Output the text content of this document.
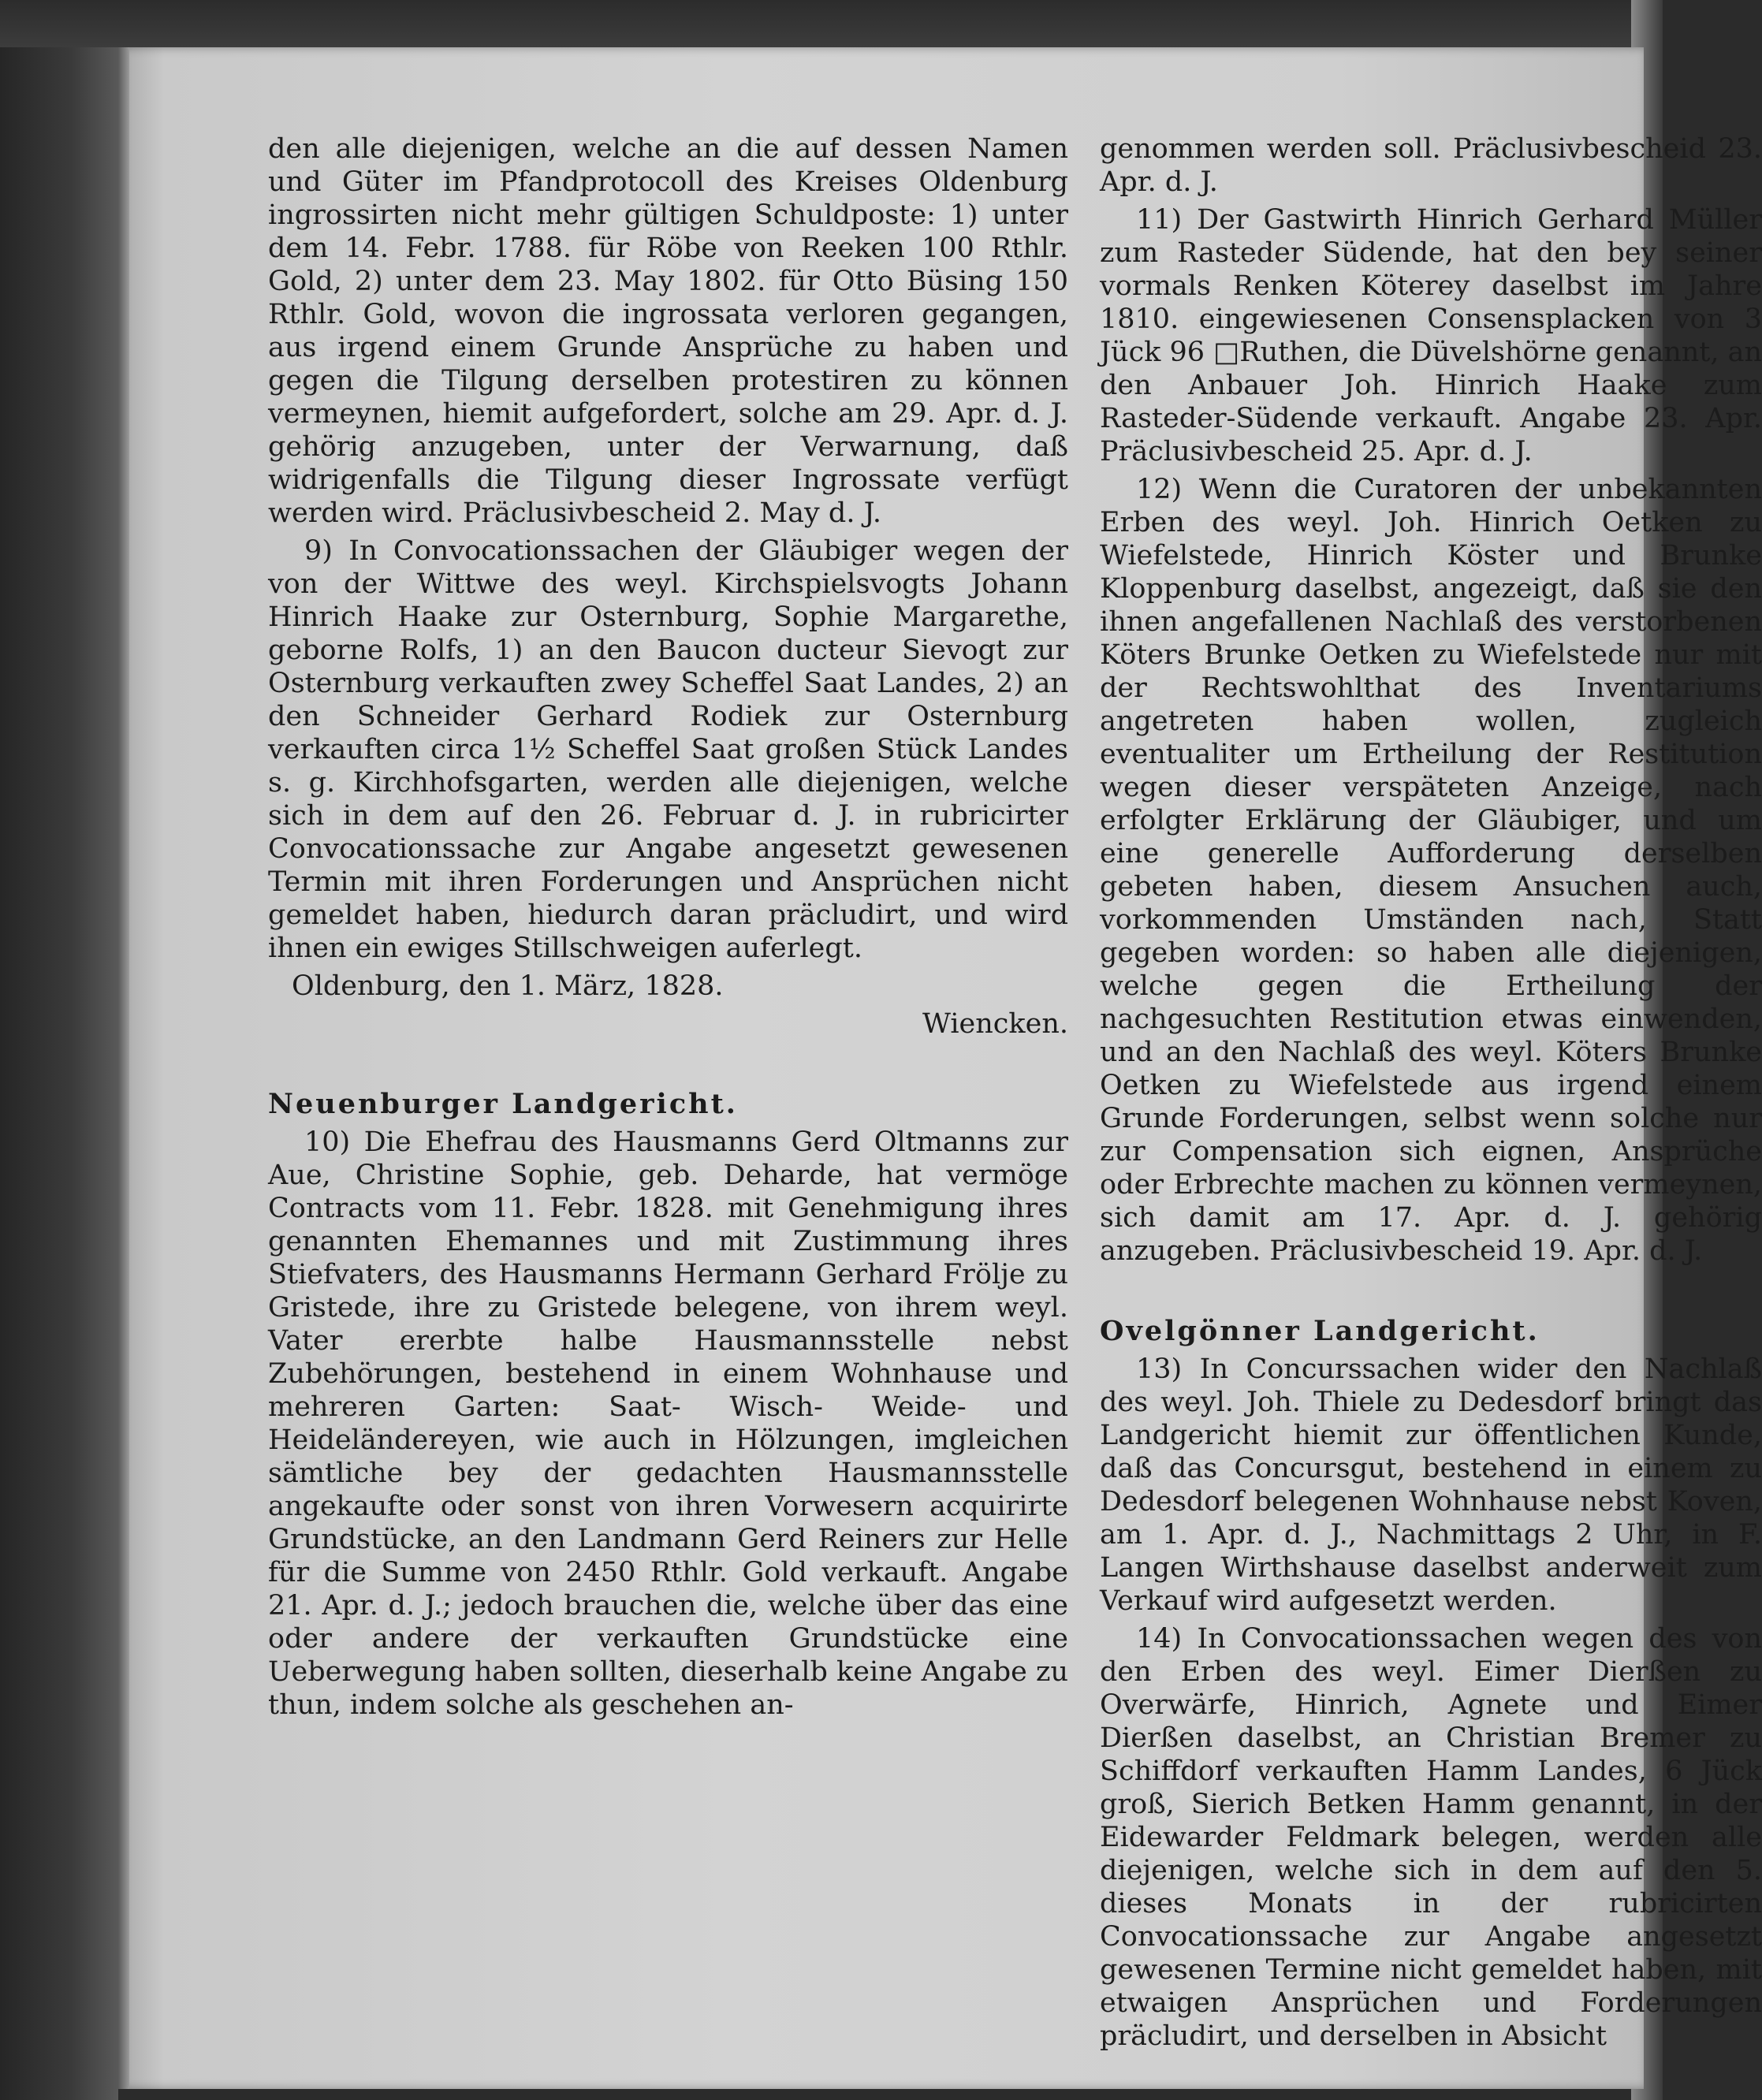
den alle diejenigen, welche an die auf dessen Namen und Güter im Pfandprotocoll des Kreises Oldenburg ingrossirten nicht mehr gültigen Schuldposte: 1) unter dem 14. Febr. 1788. für Röbe von Reeken 100 Rthlr. Gold, 2) unter dem 23. May 1802. für Otto Büsing 150 Rthlr. Gold, wovon die ingrossata verloren gegangen, aus irgend einem Grunde Ansprüche zu haben und gegen die Tilgung derselben protestiren zu können vermeynen, hiemit aufgefordert, solche am 29. Apr. d. J. gehörig anzugeben, unter der Verwarnung, daß widrigenfalls die Tilgung dieser Ingrossate verfügt werden wird. Präclusivbescheid 2. May d. J.

9) In Convocationssachen der Gläubiger wegen der von der Wittwe des weyl. Kirchspielsvogts Johann Hinrich Haake zur Osternburg, Sophie Margarethe, geborne Rolfs, 1) an den Baucon ducteur Sievogt zur Osternburg verkauften zwey Scheffel Saat Landes, 2) an den Schneider Gerhard Rodiek zur Osternburg verkauften circa 1½ Scheffel Saat großen Stück Landes s. g. Kirchhofsgarten, werden alle diejenigen, welche sich in dem auf den 26. Februar d. J. in rubricirter Convocationssache zur Angabe angesetzt gewesenen Termin mit ihren Forderungen und Ansprüchen nicht gemeldet haben, hiedurch daran präcludirt, und wird ihnen ein ewiges Stillschweigen auferlegt.

Oldenburg, den 1. März, 1828.

Wiencken.

Neuenburger Landgericht.

10) Die Ehefrau des Hausmanns Gerd Oltmanns zur Aue, Christine Sophie, geb. Deharde, hat vermöge Contracts vom 11. Febr. 1828. mit Genehmigung ihres genannten Ehemannes und mit Zustimmung ihres Stiefvaters, des Hausmanns Hermann Gerhard Frölje zu Gristede, ihre zu Gristede belegene, von ihrem weyl. Vater ererbte halbe Hausmannsstelle nebst Zubehörungen, bestehend in einem Wohnhause und mehreren Garten: Saat- Wisch- Weide- und Heideländereyen, wie auch in Hölzungen, imgleichen sämtliche bey der gedachten Hausmannsstelle angekaufte oder sonst von ihren Vorwesern acquirirte Grundstücke, an den Landmann Gerd Reiners zur Helle für die Summe von 2450 Rthlr. Gold verkauft. Angabe 21. Apr. d. J.; jedoch brauchen die, welche über das eine oder andere der verkauften Grundstücke eine Ueberwegung haben sollten, dieserhalb keine Angabe zu thun, indem solche als geschehen an-

genommen werden soll. Präclusivbescheid 23. Apr. d. J.

11) Der Gastwirth Hinrich Gerhard Müller zum Rasteder Südende, hat den bey seiner vormals Renken Köterey daselbst im Jahre 1810. eingewiesenen Consensplacken von 3 Jück 96 □Ruthen, die Düvelshörne genannt, an den Anbauer Joh. Hinrich Haake zum Rasteder-Südende verkauft. Angabe 23. Apr. Präclusivbescheid 25. Apr. d. J.

12) Wenn die Curatoren der unbekannten Erben des weyl. Joh. Hinrich Oetken zu Wiefelstede, Hinrich Köster und Brunke Kloppenburg daselbst, angezeigt, daß sie den ihnen angefallenen Nachlaß des verstorbenen Köters Brunke Oetken zu Wiefelstede nur mit der Rechtswohlthat des Inventariums angetreten haben wollen, zugleich eventualiter um Ertheilung der Restitution wegen dieser verspäteten Anzeige, nach erfolgter Erklärung der Gläubiger, und um eine generelle Aufforderung derselben gebeten haben, diesem Ansuchen auch, vorkommenden Umständen nach, Statt gegeben worden: so haben alle diejenigen, welche gegen die Ertheilung der nachgesuchten Restitution etwas einwenden, und an den Nachlaß des weyl. Köters Brunke Oetken zu Wiefelstede aus irgend einem Grunde Forderungen, selbst wenn solche nur zur Compensation sich eignen, Ansprüche oder Erbrechte machen zu können vermeynen, sich damit am 17. Apr. d. J. gehörig anzugeben. Präclusivbescheid 19. Apr. d. J.

Ovelgönner Landgericht.

13) In Concurssachen wider den Nachlaß des weyl. Joh. Thiele zu Dedesdorf bringt das Landgericht hiemit zur öffentlichen Kunde, daß das Concursgut, bestehend in einem zu Dedesdorf belegenen Wohnhause nebst Koven, am 1. Apr. d. J., Nachmittags 2 Uhr, in F. Langen Wirthshause daselbst anderweit zum Verkauf wird aufgesetzt werden.

14) In Convocationssachen wegen des von den Erben des weyl. Eimer Dierßen zu Overwärfe, Hinrich, Agnete und Eimer Dierßen daselbst, an Christian Bremer zu Schiffdorf verkauften Hamm Landes, 6 Jück groß, Sierich Betken Hamm genannt, in der Eidewarder Feldmark belegen, werden alle diejenigen, welche sich in dem auf den 5. dieses Monats in der rubricirten Convocationssache zur Angabe angesetzt gewesenen Termine nicht gemeldet haben, mit etwaigen Ansprüchen und Forderungen präcludirt, und derselben in Absicht
